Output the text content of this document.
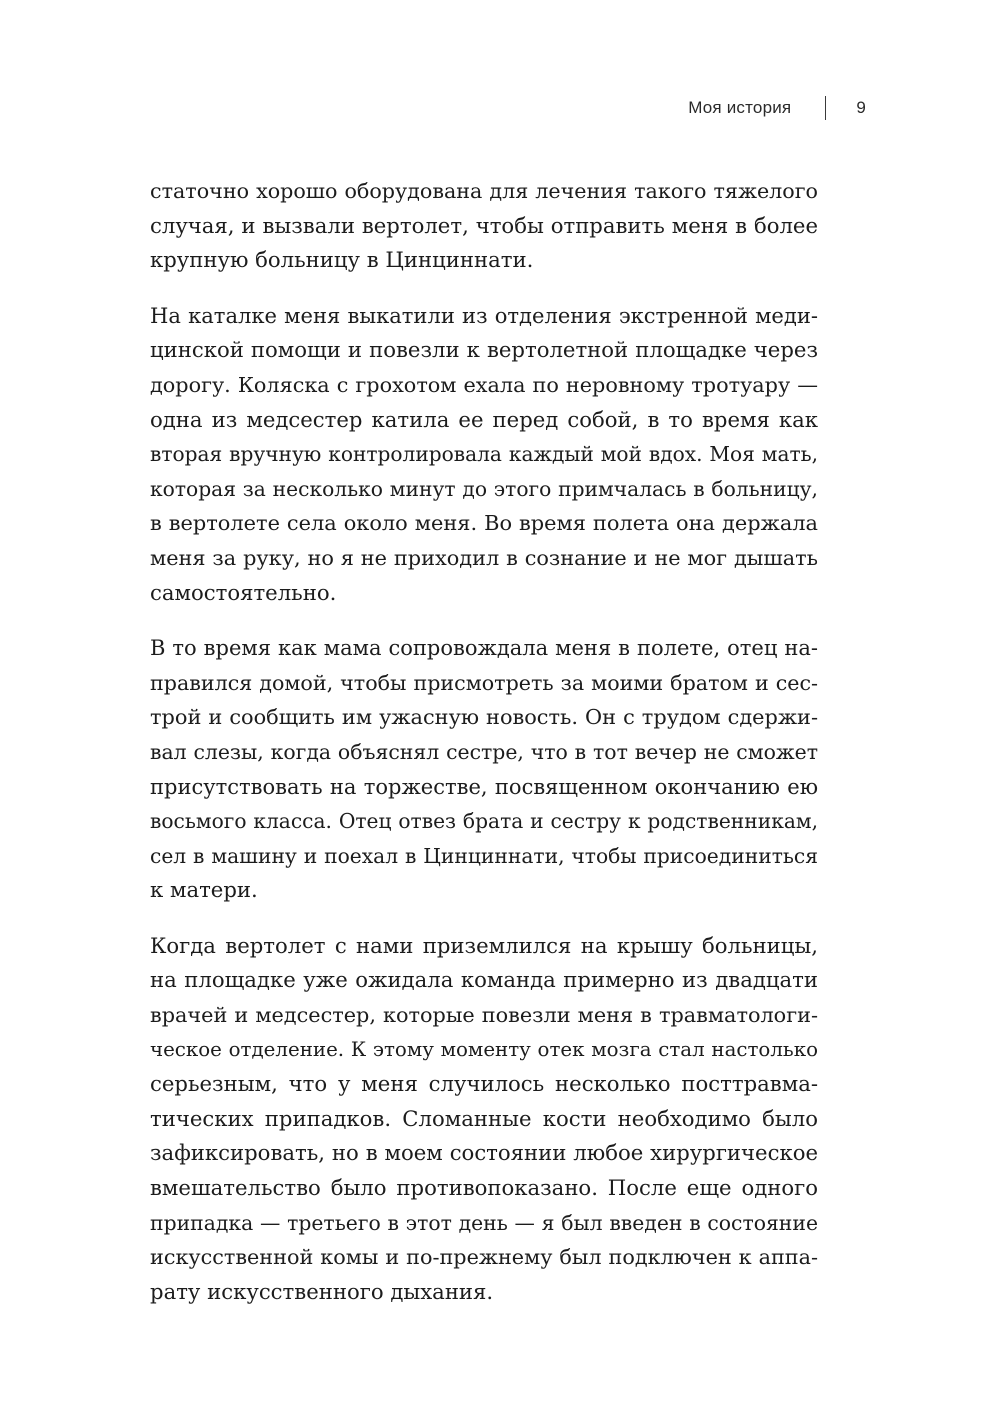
Моя история	9

статочно хорошо оборудована для лечения такого тяжелого
случая, и вызвали вертолет, чтобы отправить меня в более
крупную больницу в Цинциннати.

На каталке меня выкатили из отделения экстренной меди-
цинской помощи и повезли к вертолетной площадке через
дорогу. Коляска с грохотом ехала по неровному тротуару —
одна из медсестер катила ее перед собой, в то время как
вторая вручную контролировала каждый мой вдох. Моя мать,
которая за несколько минут до этого примчалась в больницу,
в вертолете села около меня. Во время полета она держала
меня за руку, но я не приходил в сознание и не мог дышать
самостоятельно.

В то время как мама сопровождала меня в полете, отец на-
правился домой, чтобы присмотреть за моими братом и сес-
трой и сообщить им ужасную новость. Он с трудом сдержи-
вал слезы, когда объяснял сестре, что в тот вечер не сможет
присутствовать на торжестве, посвященном окончанию ею
восьмого класса. Отец отвез брата и сестру к родственникам,
сел в машину и поехал в Цинциннати, чтобы присоединиться
к матери.

Когда вертолет с нами приземлился на крышу больницы,
на площадке уже ожидала команда примерно из двадцати
врачей и медсестер, которые повезли меня в травматологи-
ческое отделение. К этому моменту отек мозга стал настолько
серьезным, что у меня случилось несколько посттравма-
тических припадков. Сломанные кости необходимо было
зафиксировать, но в моем состоянии любое хирургическое
вмешательство было противопоказано. После еще одного
припадка — третьего в этот день — я был введен в состояние
искусственной комы и по-прежнему был подключен к аппа-
рату искусственного дыхания.
